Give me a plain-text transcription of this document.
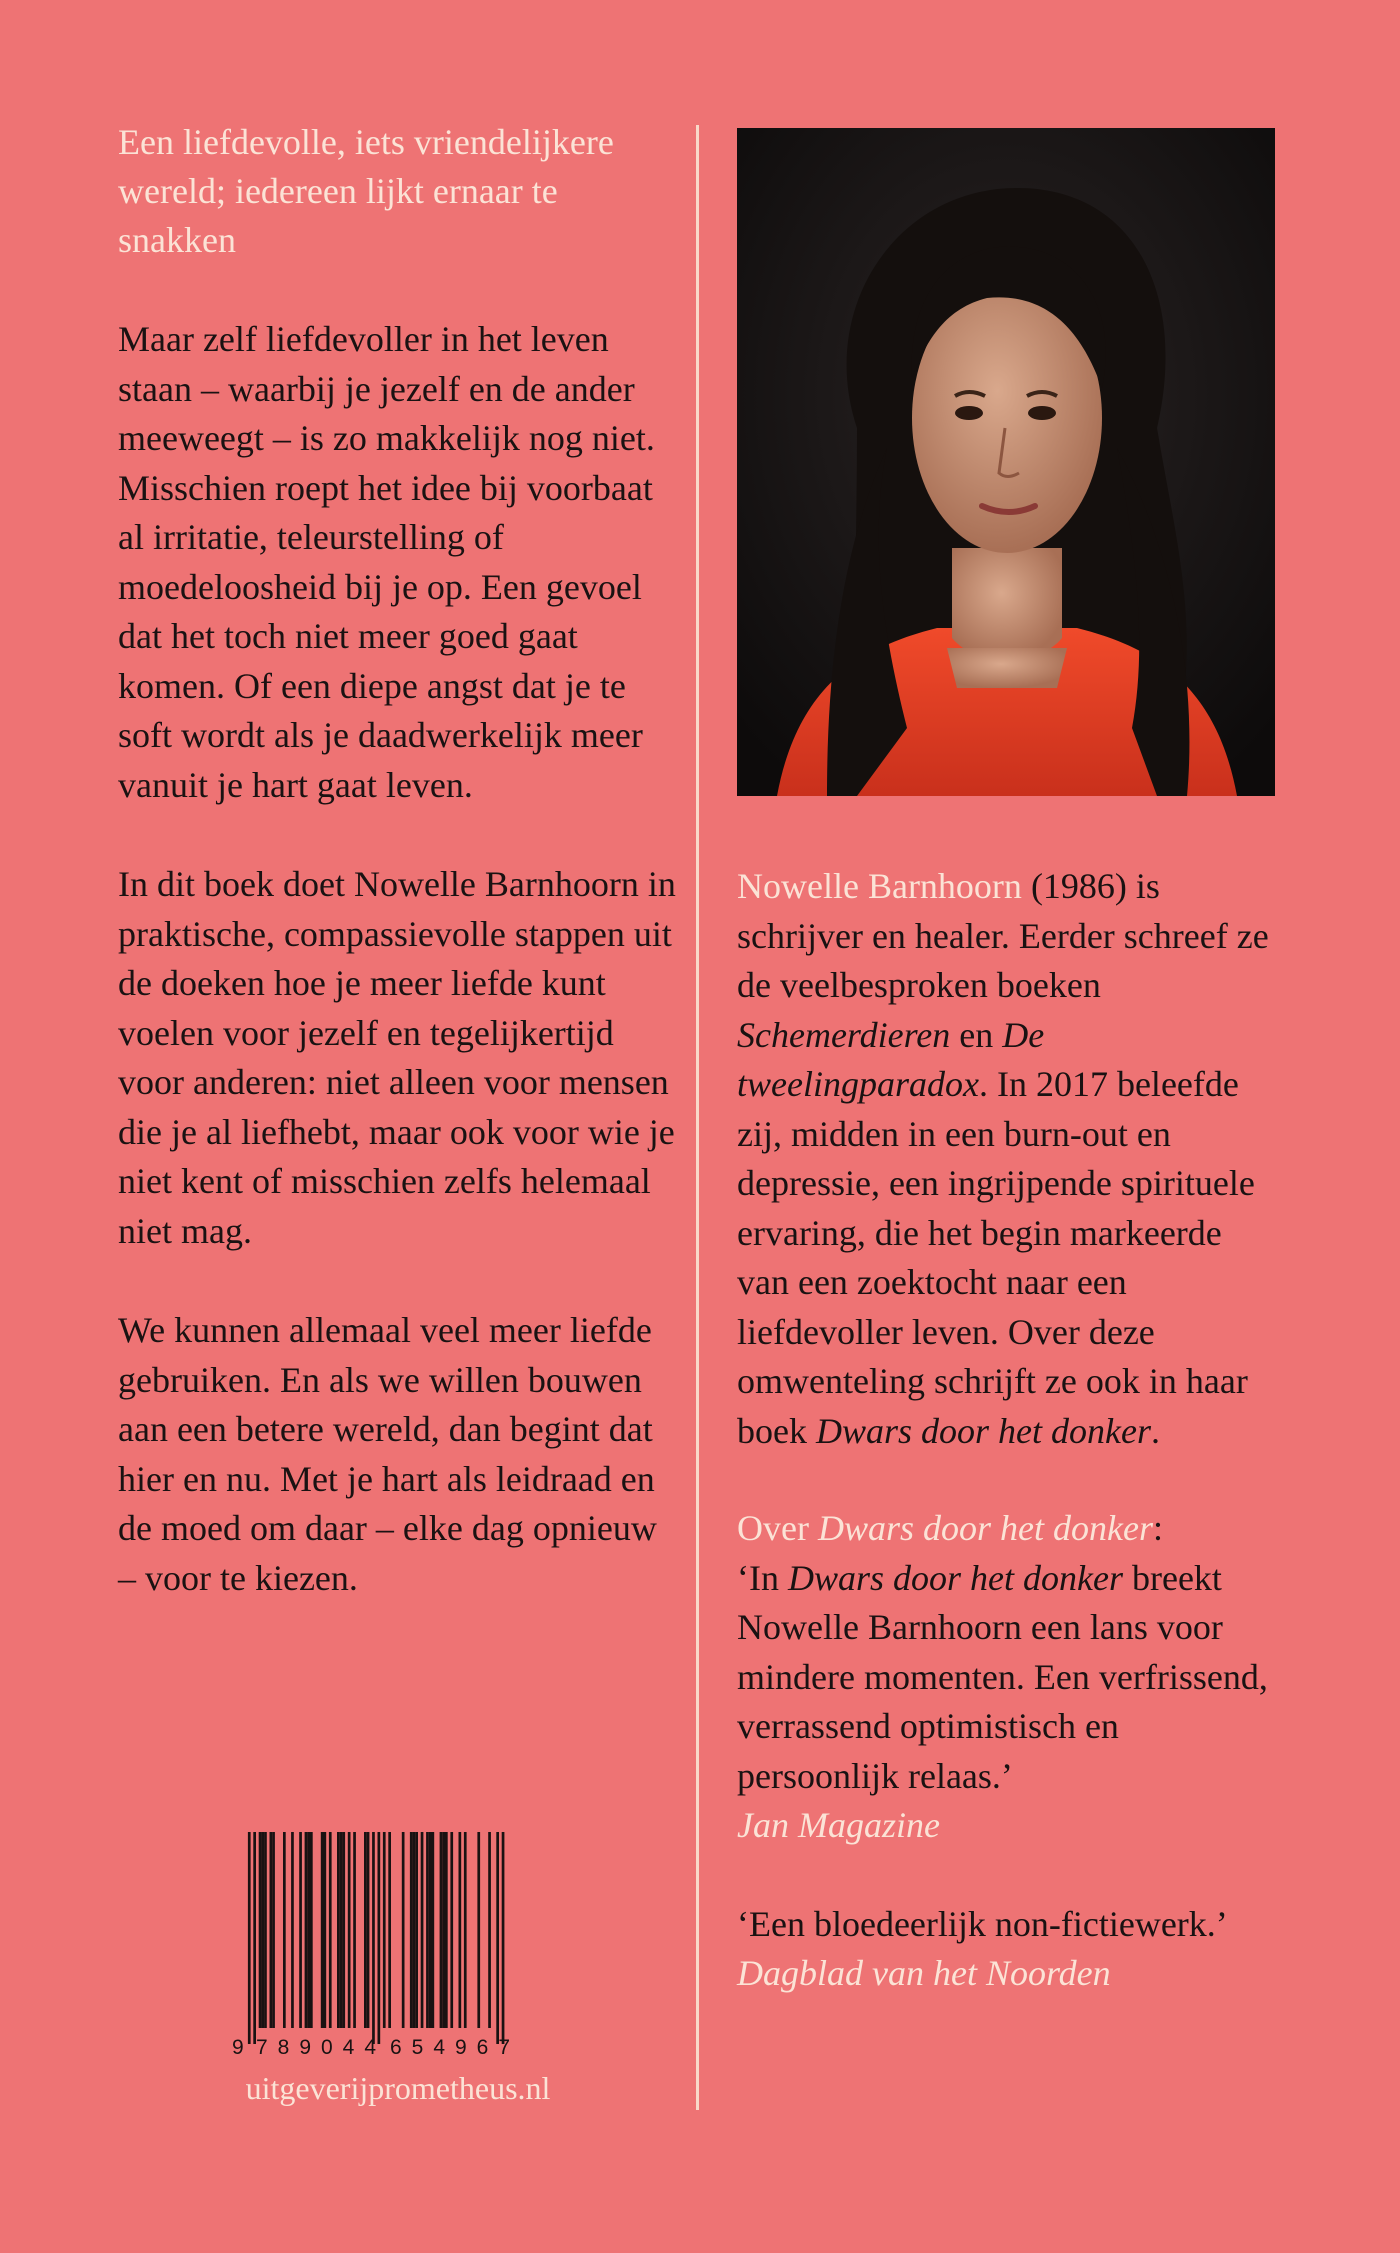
Een liefdevolle, iets vriendelijkere wereld; iedereen lijkt ernaar te snakken

Maar zelf liefdevoller in het leven staan – waarbij je jezelf en de ander meeweegt – is zo makkelijk nog niet. Misschien roept het idee bij voorbaat al irritatie, teleurstelling of moedeloosheid bij je op. Een gevoel dat het toch niet meer goed gaat komen. Of een diepe angst dat je te soft wordt als je daadwerkelijk meer vanuit je hart gaat leven.

In dit boek doet Nowelle Barnhoorn in praktische, compassievolle stappen uit de doeken hoe je meer liefde kunt voelen voor jezelf en tegelijkertijd voor anderen: niet alleen voor mensen die je al liefhebt, maar ook voor wie je niet kent of misschien zelfs helemaal niet mag.

We kunnen allemaal veel meer liefde gebruiken. En als we willen bouwen aan een betere wereld, dan begint dat hier en nu. Met je hart als leidraad en de moed om daar – elke dag opnieuw – voor te kiezen.

Nowelle Barnhoorn (1986) is schrijver en healer. Eerder schreef ze de veelbesproken boeken Schemerdieren en De tweelingparadox. In 2017 beleefde zij, midden in een burn-out en depressie, een ingrijpende spirituele ervaring, die het begin markeerde van een zoektocht naar een liefdevoller leven. Over deze omwenteling schrijft ze ook in haar boek Dwars door het donker.

Over Dwars door het donker:

‘In Dwars door het donker breekt Nowelle Barnhoorn een lans voor mindere momenten. Een verfrissend, verrassend optimistisch en persoonlijk relaas.’

Jan Magazine

‘Een bloedeerlijk non-fictiewerk.’

Dagblad van het Noorden

9 789044 654967
uitgeverijprometheus.nl
